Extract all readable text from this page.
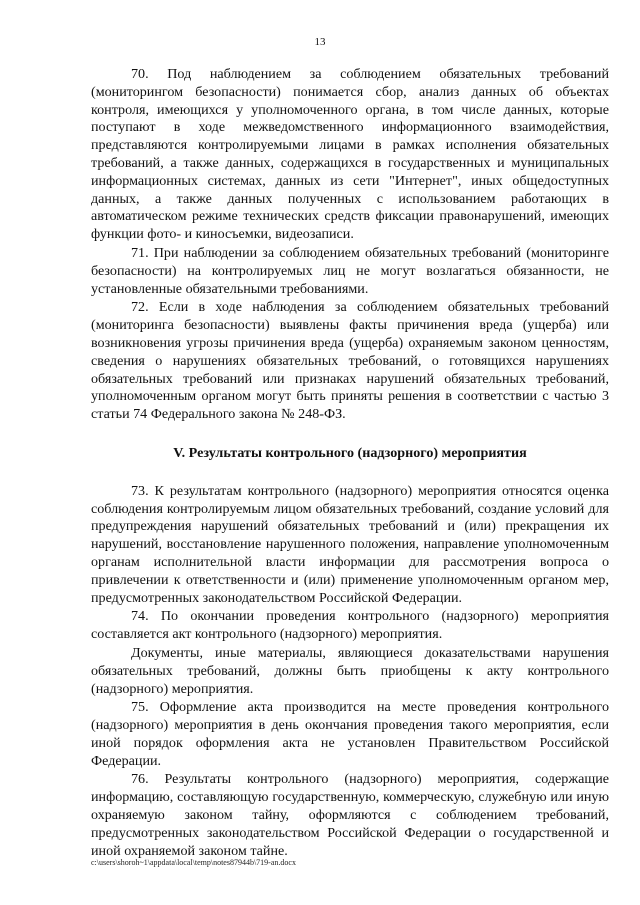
13

70. Под наблюдением за соблюдением обязательных требований (мониторингом безопасности) понимается сбор, анализ данных об объектах контроля, имеющихся у уполномоченного органа, в том числе данных, которые поступают в ходе межведомственного информационного взаимодействия, представляются контролируемыми лицами в рамках исполнения обязательных требований, а также данных, содержащихся в государственных и муниципальных информационных системах, данных из сети "Интернет", иных общедоступных данных, а также данных полученных с использованием работающих в автоматическом режиме технических средств фиксации правонарушений, имеющих функции фото- и киносъемки, видеозаписи.

71. При наблюдении за соблюдением обязательных требований (мониторинге безопасности) на контролируемых лиц не могут возлагаться обязанности, не установленные обязательными требованиями.

72. Если в ходе наблюдения за соблюдением обязательных требований (мониторинга безопасности) выявлены факты причинения вреда (ущерба) или возникновения угрозы причинения вреда (ущерба) охраняемым законом ценностям, сведения о нарушениях обязательных требований, о готовящихся нарушениях обязательных требований или признаках нарушений обязательных требований, уполномоченным органом могут быть приняты решения в соответствии с частью 3 статьи 74 Федерального закона № 248-ФЗ.

V. Результаты контрольного (надзорного) мероприятия

73. К результатам контрольного (надзорного) мероприятия относятся оценка соблюдения контролируемым лицом обязательных требований, создание условий для предупреждения нарушений обязательных требований и (или) прекращения их нарушений, восстановление нарушенного положения, направление уполномоченным органам исполнительной власти информации для рассмотрения вопроса о привлечении к ответственности и (или) применение уполномоченным органом мер, предусмотренных законодательством Российской Федерации.

74. По окончании проведения контрольного (надзорного) мероприятия составляется акт контрольного (надзорного) мероприятия.

Документы, иные материалы, являющиеся доказательствами нарушения обязательных требований, должны быть приобщены к акту контрольного (надзорного) мероприятия.

75. Оформление акта производится на месте проведения контрольного (надзорного) мероприятия в день окончания проведения такого мероприятия, если иной порядок оформления акта не установлен Правительством Российской Федерации.

76. Результаты контрольного (надзорного) мероприятия, содержащие информацию, составляющую государственную, коммерческую, служебную или иную охраняемую законом тайну, оформляются с соблюдением требований, предусмотренных законодательством Российской Федерации о государственной и иной охраняемой законом тайне.

c:\users\shoroh~1\appdata\local\temp\notes87944b\719-an.docx
